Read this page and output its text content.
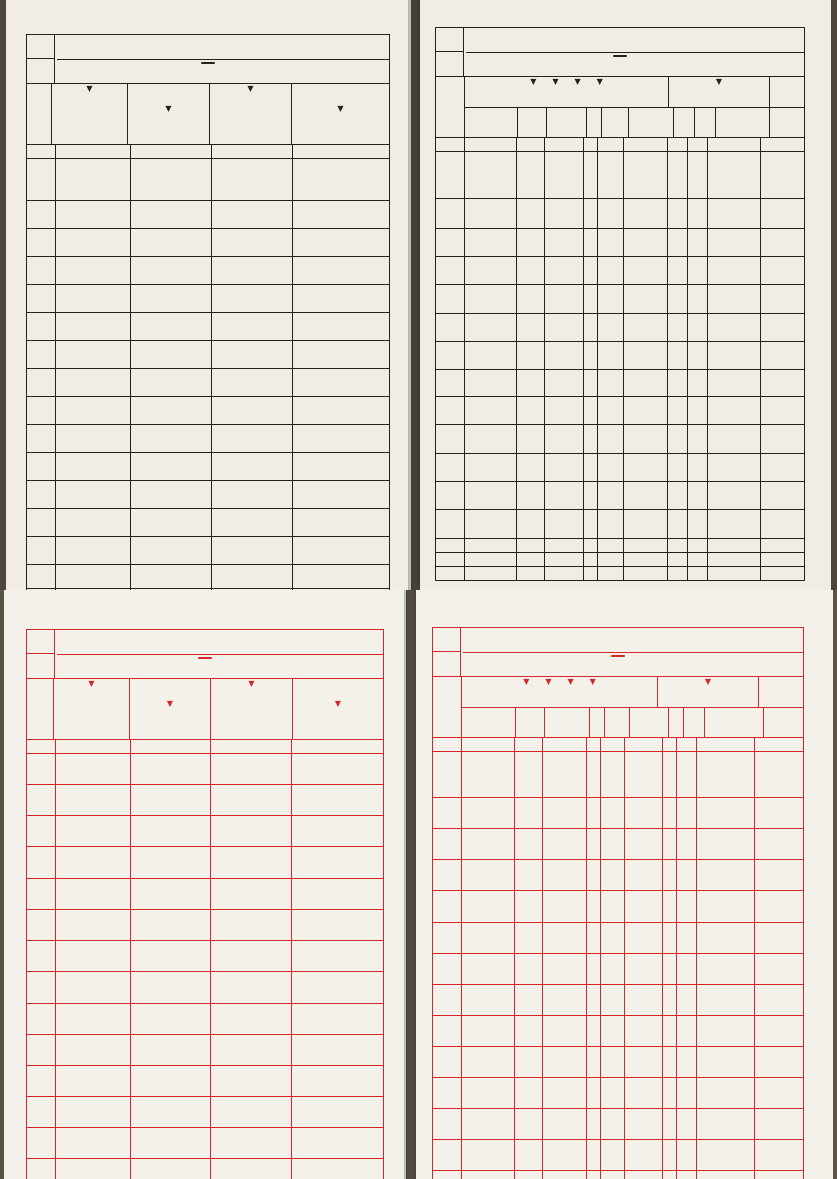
▼

▼
▼

▼
▼　　▼　　▼　　▼	▼
▼

▼
▼

▼
▼　　▼　　▼　　▼	▼
